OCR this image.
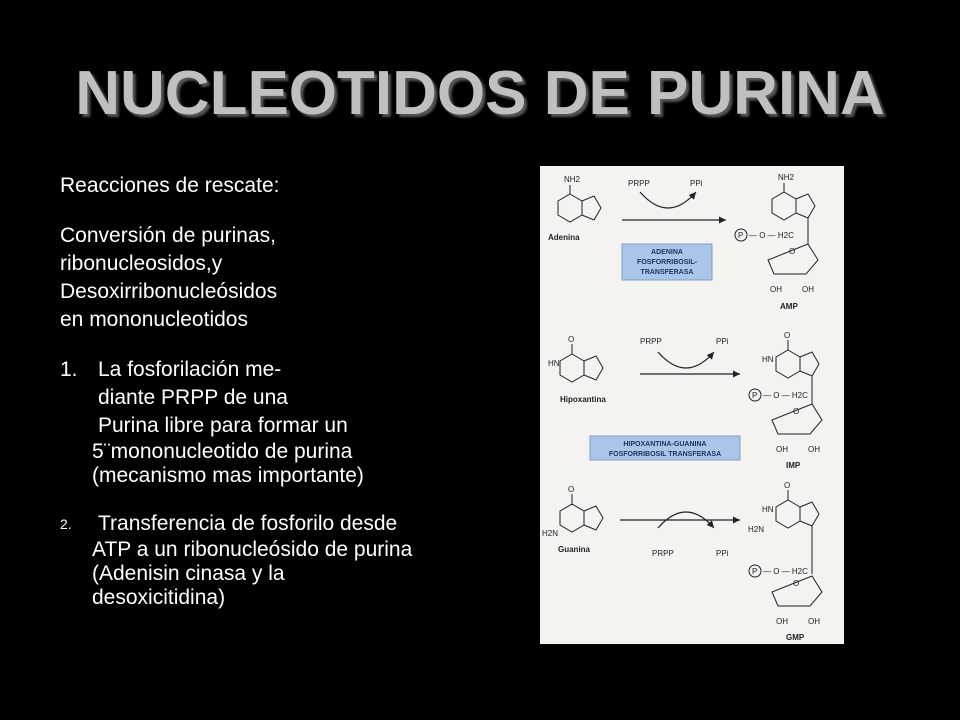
NUCLEOTIDOS DE PURINA
Reacciones de rescate:
Conversión de purinas,
ribonucleosidos,y
Desoxirribonucleósidos
en mononucleotidos
1. La fosforilación me-
diante PRPP de una
Purina libre para formar un
5¨mononucleotido de purina
(mecanismo mas importante)
2.	Transferencia de fosforilo desde
ATP a un ribonucleósido de purina
(Adenisin cinasa y la
desoxicitidina)
NH2
Adenina
PRPP	PPi
ADENINA
FOSFORRIBOSIL-
TRANSFERASA
NH2
P — O — H2C
O
OH	OH
AMP
O
HN
Hipoxantina
PRPP	PPi
O
HN
P — O — H2C
O
HIPOXANTINA-GUANINA
FOSFORRIBOSIL TRANSFERASA
OH	OH
IMP
O
H2N
Guanina	PRPP	PPi
O
HN
H2N
P — O — H2C
O
OH	OH
GMP
